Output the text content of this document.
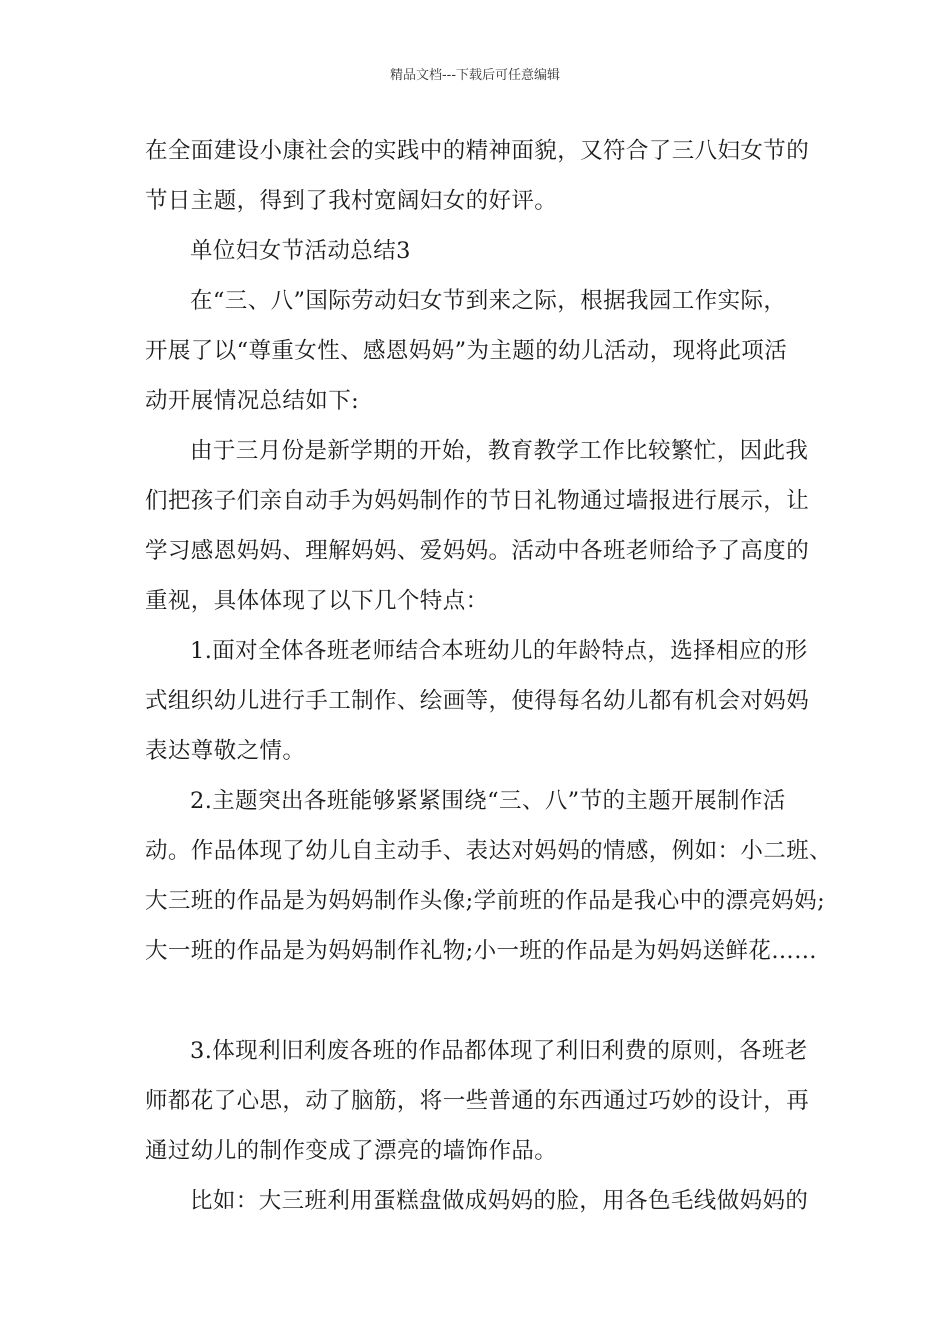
精品文档---下载后可任意编辑
在全面建设小康社会的实践中的精神面貌，又符合了三八妇女节的
节日主题，得到了我村宽阔妇女的好评。
单位妇女节活动总结3
在“三、八”国际劳动妇女节到来之际，根据我园工作实际，
开展了以“尊重女性、感恩妈妈”为主题的幼儿活动，现将此项活
动开展情况总结如下:
由于三月份是新学期的开始，教育教学工作比较繁忙，因此我
们把孩子们亲自动手为妈妈制作的节日礼物通过墙报进行展示，让
学习感恩妈妈、理解妈妈、爱妈妈。活动中各班老师给予了高度的
重视，具体体现了以下几个特点：
1.面对全体各班老师结合本班幼儿的年龄特点，选择相应的形
式组织幼儿进行手工制作、绘画等，使得每名幼儿都有机会对妈妈
表达尊敬之情。
2.主题突出各班能够紧紧围绕“三、八”节的主题开展制作活
动。作品体现了幼儿自主动手、表达对妈妈的情感，例如：小二班、
大三班的作品是为妈妈制作头像;学前班的作品是我心中的漂亮妈妈;
大一班的作品是为妈妈制作礼物;小一班的作品是为妈妈送鲜花……
3.体现利旧利废各班的作品都体现了利旧利费的原则，各班老
师都花了心思，动了脑筋，将一些普通的东西通过巧妙的设计，再
通过幼儿的制作变成了漂亮的墙饰作品。
比如：大三班利用蛋糕盘做成妈妈的脸，用各色毛线做妈妈的
